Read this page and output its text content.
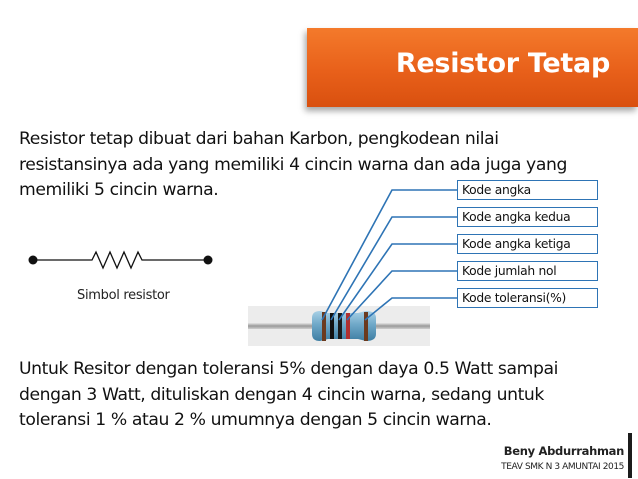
Resistor Tetap
Resistor tetap dibuat dari bahan Karbon, pengkodean nilai
resistansinya ada yang memiliki 4 cincin warna dan ada juga yang
memiliki 5 cincin warna.
Simbol resistor
Kode angka
Kode angka kedua
Kode angka ketiga
Kode jumlah nol
Kode toleransi(%)
Untuk Resitor dengan toleransi 5% dengan daya 0.5 Watt sampai
dengan 3 Watt, dituliskan dengan 4 cincin warna, sedang untuk
toleransi 1 % atau 2 % umumnya dengan 5 cincin warna.
Beny Abdurrahman
TEAV SMK N 3 AMUNTAI 2015
